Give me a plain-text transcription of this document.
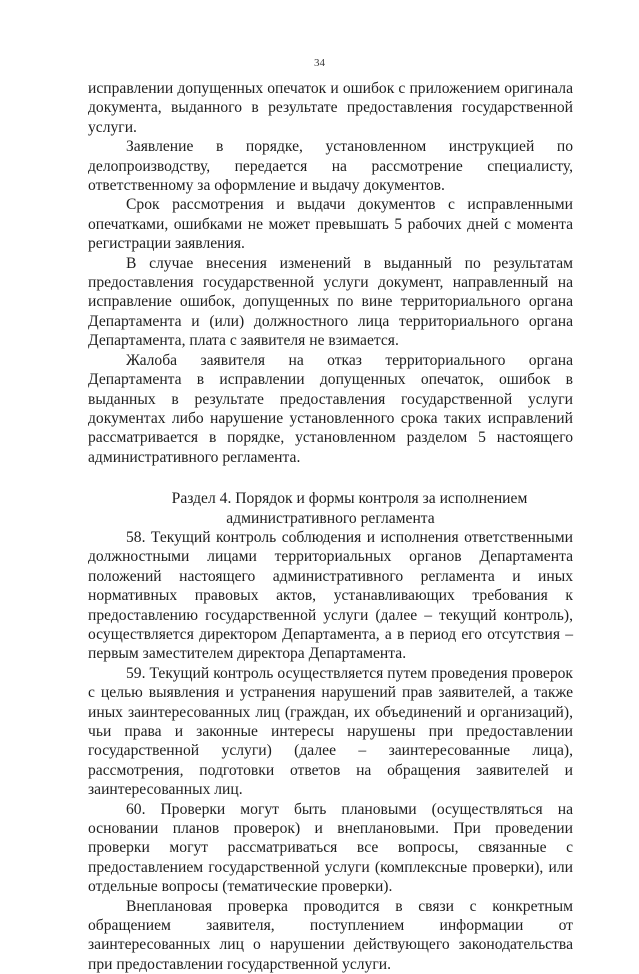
34

исправлении допущенных опечаток и ошибок с приложением оригинала документа, выданного в результате предоставления государственной услуги.

Заявление в порядке, установленном инструкцией по делопроизводству, передается на рассмотрение специалисту, ответственному за оформление и выдачу документов.

Срок рассмотрения и выдачи документов с исправленными опечатками, ошибками не может превышать 5 рабочих дней с момента регистрации заявления.

В случае внесения изменений в выданный по результатам предоставления государственной услуги документ, направленный на исправление ошибок, допущенных по вине территориального органа Департамента и (или) должностного лица территориального органа Департамента, плата с заявителя не взимается.

Жалоба заявителя на отказ территориального органа Департамента в исправлении допущенных опечаток, ошибок в выданных в результате предоставления государственной услуги документах либо нарушение установленного срока таких исправлений рассматривается в порядке, установленном разделом 5 настоящего административного регламента.

Раздел 4. Порядок и формы контроля за исполнением административного регламента

58. Текущий контроль соблюдения и исполнения ответственными должностными лицами территориальных органов Департамента положений настоящего административного регламента и иных нормативных правовых актов, устанавливающих требования к предоставлению государственной услуги (далее – текущий контроль), осуществляется директором Департамента, а в период его отсутствия – первым заместителем директора Департамента.

59. Текущий контроль осуществляется путем проведения проверок с целью выявления и устранения нарушений прав заявителей, а также иных заинтересованных лиц (граждан, их объединений и организаций), чьи права и законные интересы нарушены при предоставлении государственной услуги) (далее – заинтересованные лица), рассмотрения, подготовки ответов на обращения заявителей и заинтересованных лиц.

60. Проверки могут быть плановыми (осуществляться на основании планов проверок) и внеплановыми. При проведении проверки могут рассматриваться все вопросы, связанные с предоставлением государственной услуги (комплексные проверки), или отдельные вопросы (тематические проверки).

Внеплановая проверка проводится в связи с конкретным обращением заявителя, поступлением информации от заинтересованных лиц о нарушении действующего законодательства при предоставлении государственной услуги.
